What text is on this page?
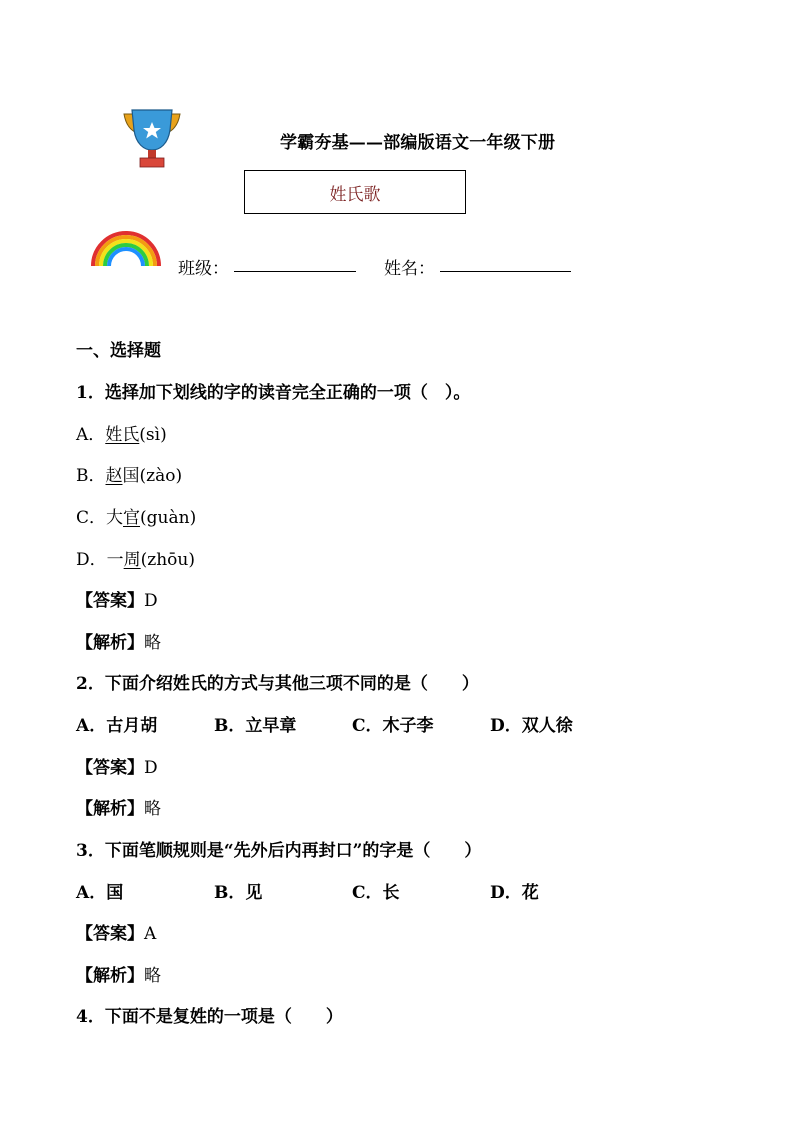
学霸夯基——部编版语文一年级下册
姓氏歌
班级：	姓名：
一、选择题
1．选择加下划线的字的读音完全正确的一项（　）。
A．姓氏(sì)
B．赵国(zào)
C．大官(guàn)
D．一周(zhōu)
【答案】D
【解析】略
2．下面介绍姓氏的方式与其他三项不同的是（　　）
A．古月胡	B．立早章	C．木子李	D．双人徐
【答案】D
【解析】略
3．下面笔顺规则是“先外后内再封口”的字是（　　）
A．国	B．见	C．长	D．花
【答案】A
【解析】略
4．下面不是复姓的一项是（　　）
